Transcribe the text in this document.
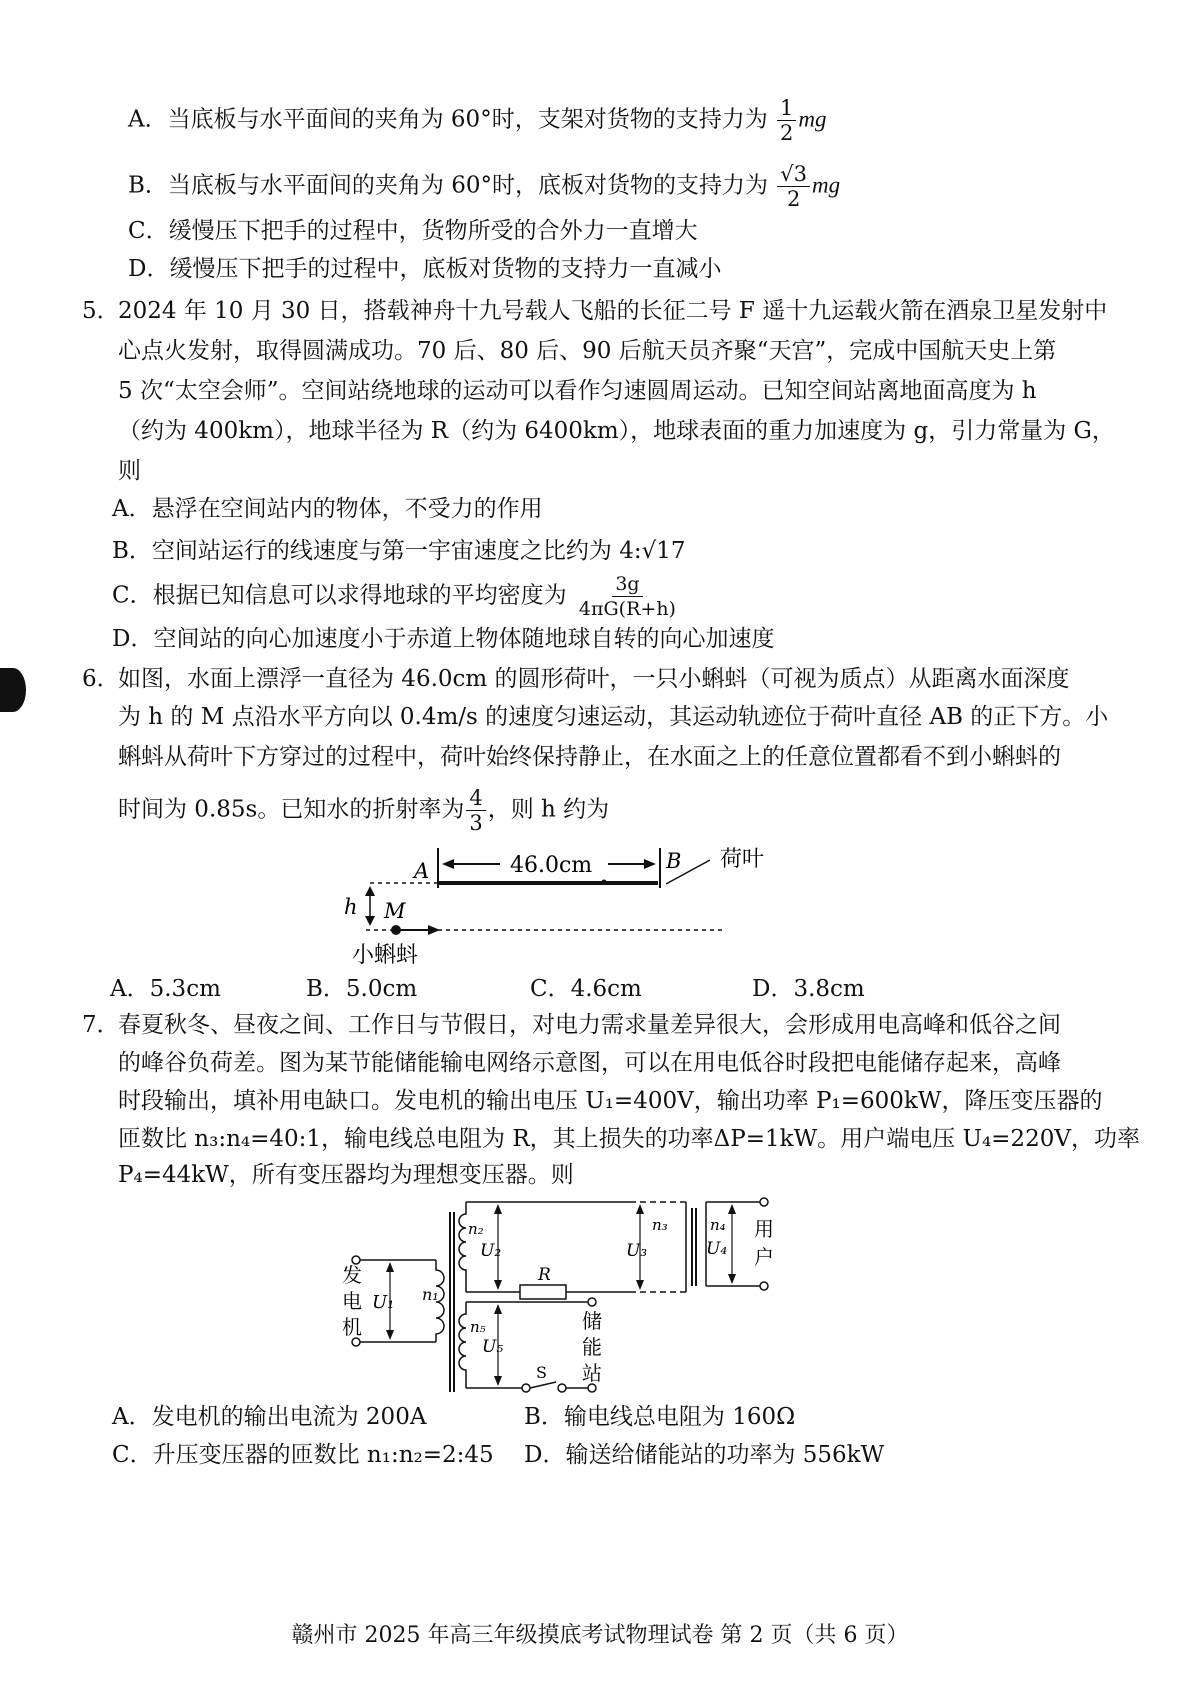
A．当底板与水平面间的夹角为 60°时，支架对货物的支持力为 $\frac{1}{2}$ mg
B．当底板与水平面间的夹角为 60°时，底板对货物的支持力为 $\frac{√3}{2}$ mg
C．缓慢压下把手的过程中，货物所受的合外力一直增大
D．缓慢压下把手的过程中，底板对货物的支持力一直减小
5．
2024 年 10 月 30 日，搭载神舟十九号载人飞船的长征二号 F 遥十九运载火箭在酒泉卫星发射中
心点火发射，取得圆满成功。70 后、80 后、90 后航天员齐聚“天宫”，完成中国航天史上第
5 次“太空会师”。空间站绕地球的运动可以看作匀速圆周运动。已知空间站离地面高度为 h
（约为 400km），地球半径为 R（约为 6400km），地球表面的重力加速度为 g，引力常量为 G，
则
A．悬浮在空间站内的物体，不受力的作用
B．空间站运行的线速度与第一宇宙速度之比约为 4:√17
C．根据已知信息可以求得地球的平均密度为 $\frac{3g}{4\pi G(R+h)}$
D．空间站的向心加速度小于赤道上物体随地球自转的向心加速度
6．
如图，水面上漂浮一直径为 46.0cm 的圆形荷叶，一只小蝌蚪（可视为质点）从距离水面深度
为 h 的 M 点沿水平方向以 0.4m/s 的速度匀速运动，其运动轨迹位于荷叶直径 AB 的正下方。小
蝌蚪从荷叶下方穿过的过程中，荷叶始终保持静止，在水面之上的任意位置都看不到小蝌蚪的
时间为 0.85s。已知水的折射率为 $\frac{4}{3}$ ，则 h 约为
46.0cm
A	B 荷叶
h M
小蝌蚪
A．5.3cm	B．5.0cm	C．4.6cm	D．3.8cm
7．
春夏秋冬、昼夜之间、工作日与节假日，对电力需求量差异很大，会形成用电高峰和低谷之间
的峰谷负荷差。图为某节能储能输电网络示意图，可以在用电低谷时段把电能储存起来，高峰
时段输出，填补用电缺口。发电机的输出电压 U₁=400V，输出功率 P₁=600kW，降压变压器的
匝数比 n₃:n₄=40:1，输电线总电阻为 R，其上损失的功率ΔP=1kW。用户端电压 U₄=220V，功率
P₄=44kW，所有变压器均为理想变压器。则
发
电
机
U₁ n₁
n₂
U₂
R
U₃
n₃	n₄
U₄
用
户
n₅
S
U₅
储
能
站
A．发电机的输出电流为 200A	B．输电线总电阻为 160Ω
C．升压变压器的匝数比 n₁:n₂=2:45 D．输送给储能站的功率为 556kW
赣州市 2025 年高三年级摸底考试物理试卷 第 2 页（共 6 页）
